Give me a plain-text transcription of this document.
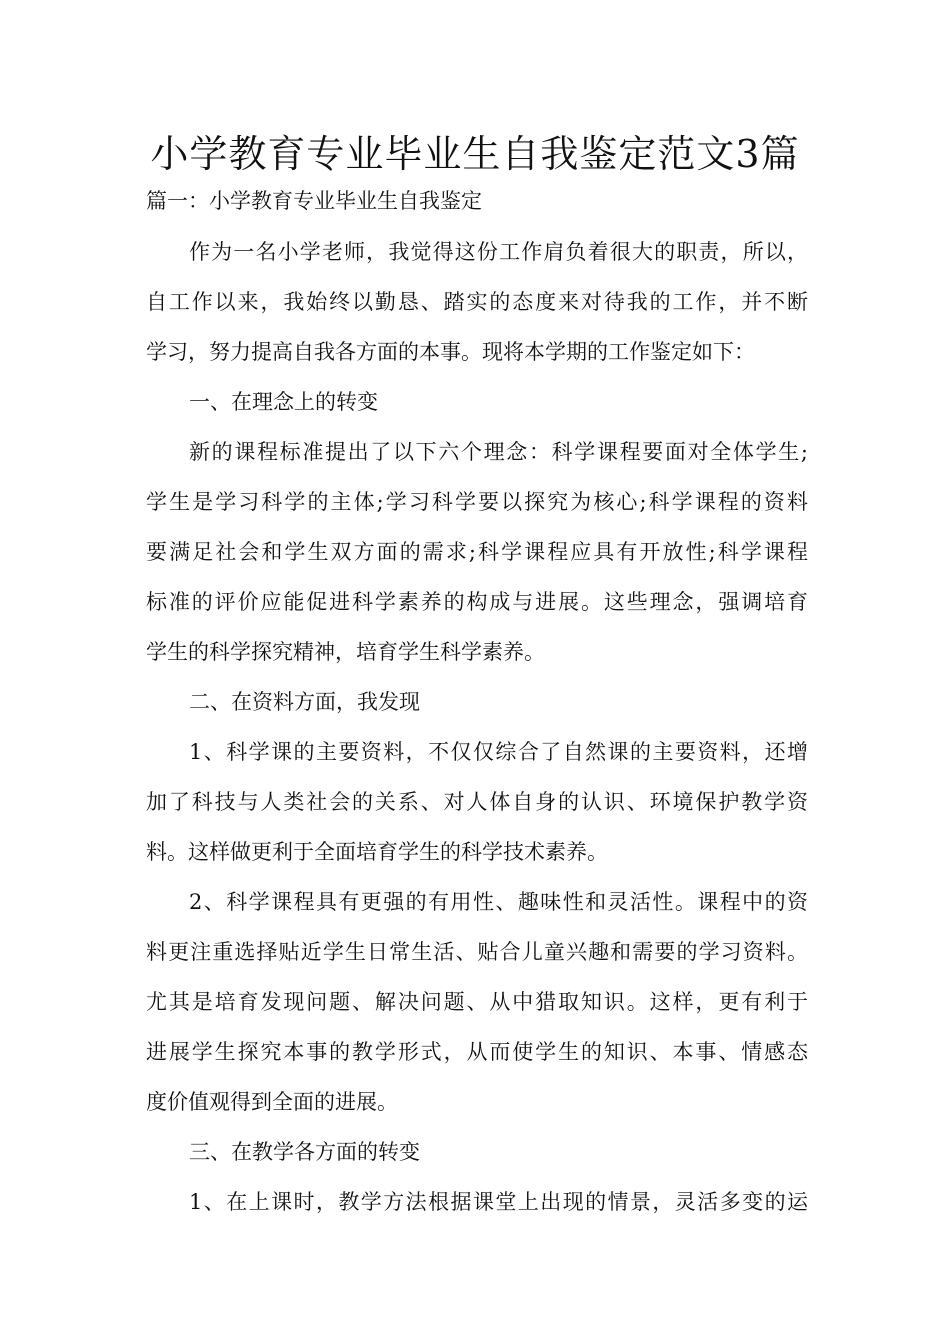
小学教育专业毕业生自我鉴定范文3篇

篇一：小学教育专业毕业生自我鉴定

作为一名小学老师，我觉得这份工作肩负着很大的职责，所以，
自工作以来，我始终以勤恳、踏实的态度来对待我的工作，并不断
学习，努力提高自我各方面的本事。现将本学期的工作鉴定如下：
一、在理念上的转变
新的课程标准提出了以下六个理念：科学课程要面对全体学生;
学生是学习科学的主体;学习科学要以探究为核心;科学课程的资料
要满足社会和学生双方面的需求;科学课程应具有开放性;科学课程
标准的评价应能促进科学素养的构成与进展。这些理念，强调培育
学生的科学探究精神，培育学生科学素养。
二、在资料方面，我发现
1、科学课的主要资料，不仅仅综合了自然课的主要资料，还增
加了科技与人类社会的关系、对人体自身的认识、环境保护教学资
料。这样做更利于全面培育学生的科学技术素养。
2、科学课程具有更强的有用性、趣味性和灵活性。课程中的资
料更注重选择贴近学生日常生活、贴合儿童兴趣和需要的学习资料。
尤其是培育发现问题、解决问题、从中猎取知识。这样，更有利于
进展学生探究本事的教学形式，从而使学生的知识、本事、情感态
度价值观得到全面的进展。
三、在教学各方面的转变
1、在上课时，教学方法根据课堂上出现的情景，灵活多变的运
